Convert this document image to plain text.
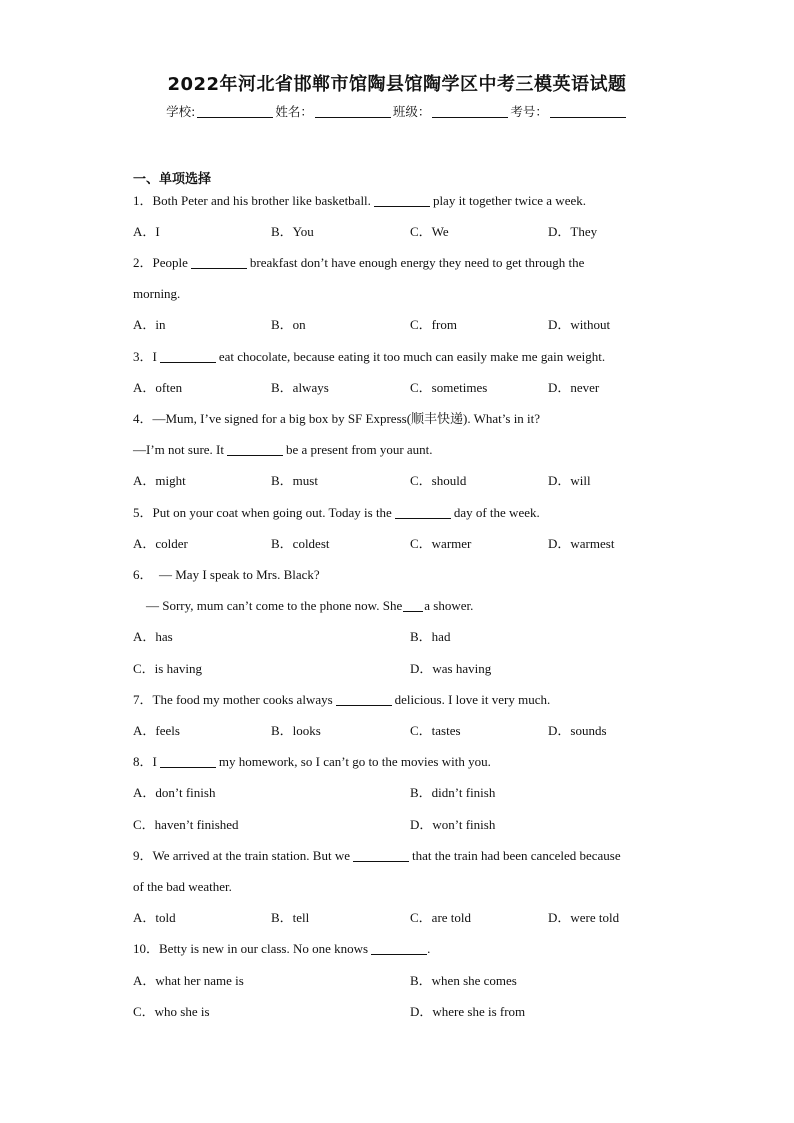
2022年河北省邯郸市馆陶县馆陶学区中考三模英语试题
学校:	姓名：	班级：	考号：
一、单项选择
1．Both Peter and his brother like basketball.	play it together twice a week.
A．I	B．You	C．We	D．They
2．People	breakfast don’t have enough energy they need to get through the
morning.
A．in	B．on	C．from	D．without
3．I	eat chocolate, because eating it too much can easily make me gain weight.
A．often	B．always	C．sometimes	D．never
4．—Mum, I’ve signed for a big box by SF Express(顺丰快递). What’s in it?
—I’m not sure. It	be a present from your aunt.
A．might	B．must	C．should	D．will
5．Put on your coat when going out. Today is the	day of the week.
A．colder	B．coldest	C．warmer	D．warmest
6．　— May I speak to Mrs. Black?
　— Sorry, mum can’t come to the phone now. She a shower.
A．has	B．had
C．is having	D．was having
7．The food my mother cooks always	delicious. I love it very much.
A．feels	B．looks	C．tastes	D．sounds
8．I	my homework, so I can’t go to the movies with you.
A．don’t finish	B．didn’t finish
C．haven’t finished	D．won’t finish
9．We arrived at the train station. But we	that the train had been canceled because
of the bad weather.
A．told	B．tell	C．are told	D．were told
10．Betty is new in our class. No one knows	.
A．what her name is	B．when she comes
C．who she is	D．where she is from
